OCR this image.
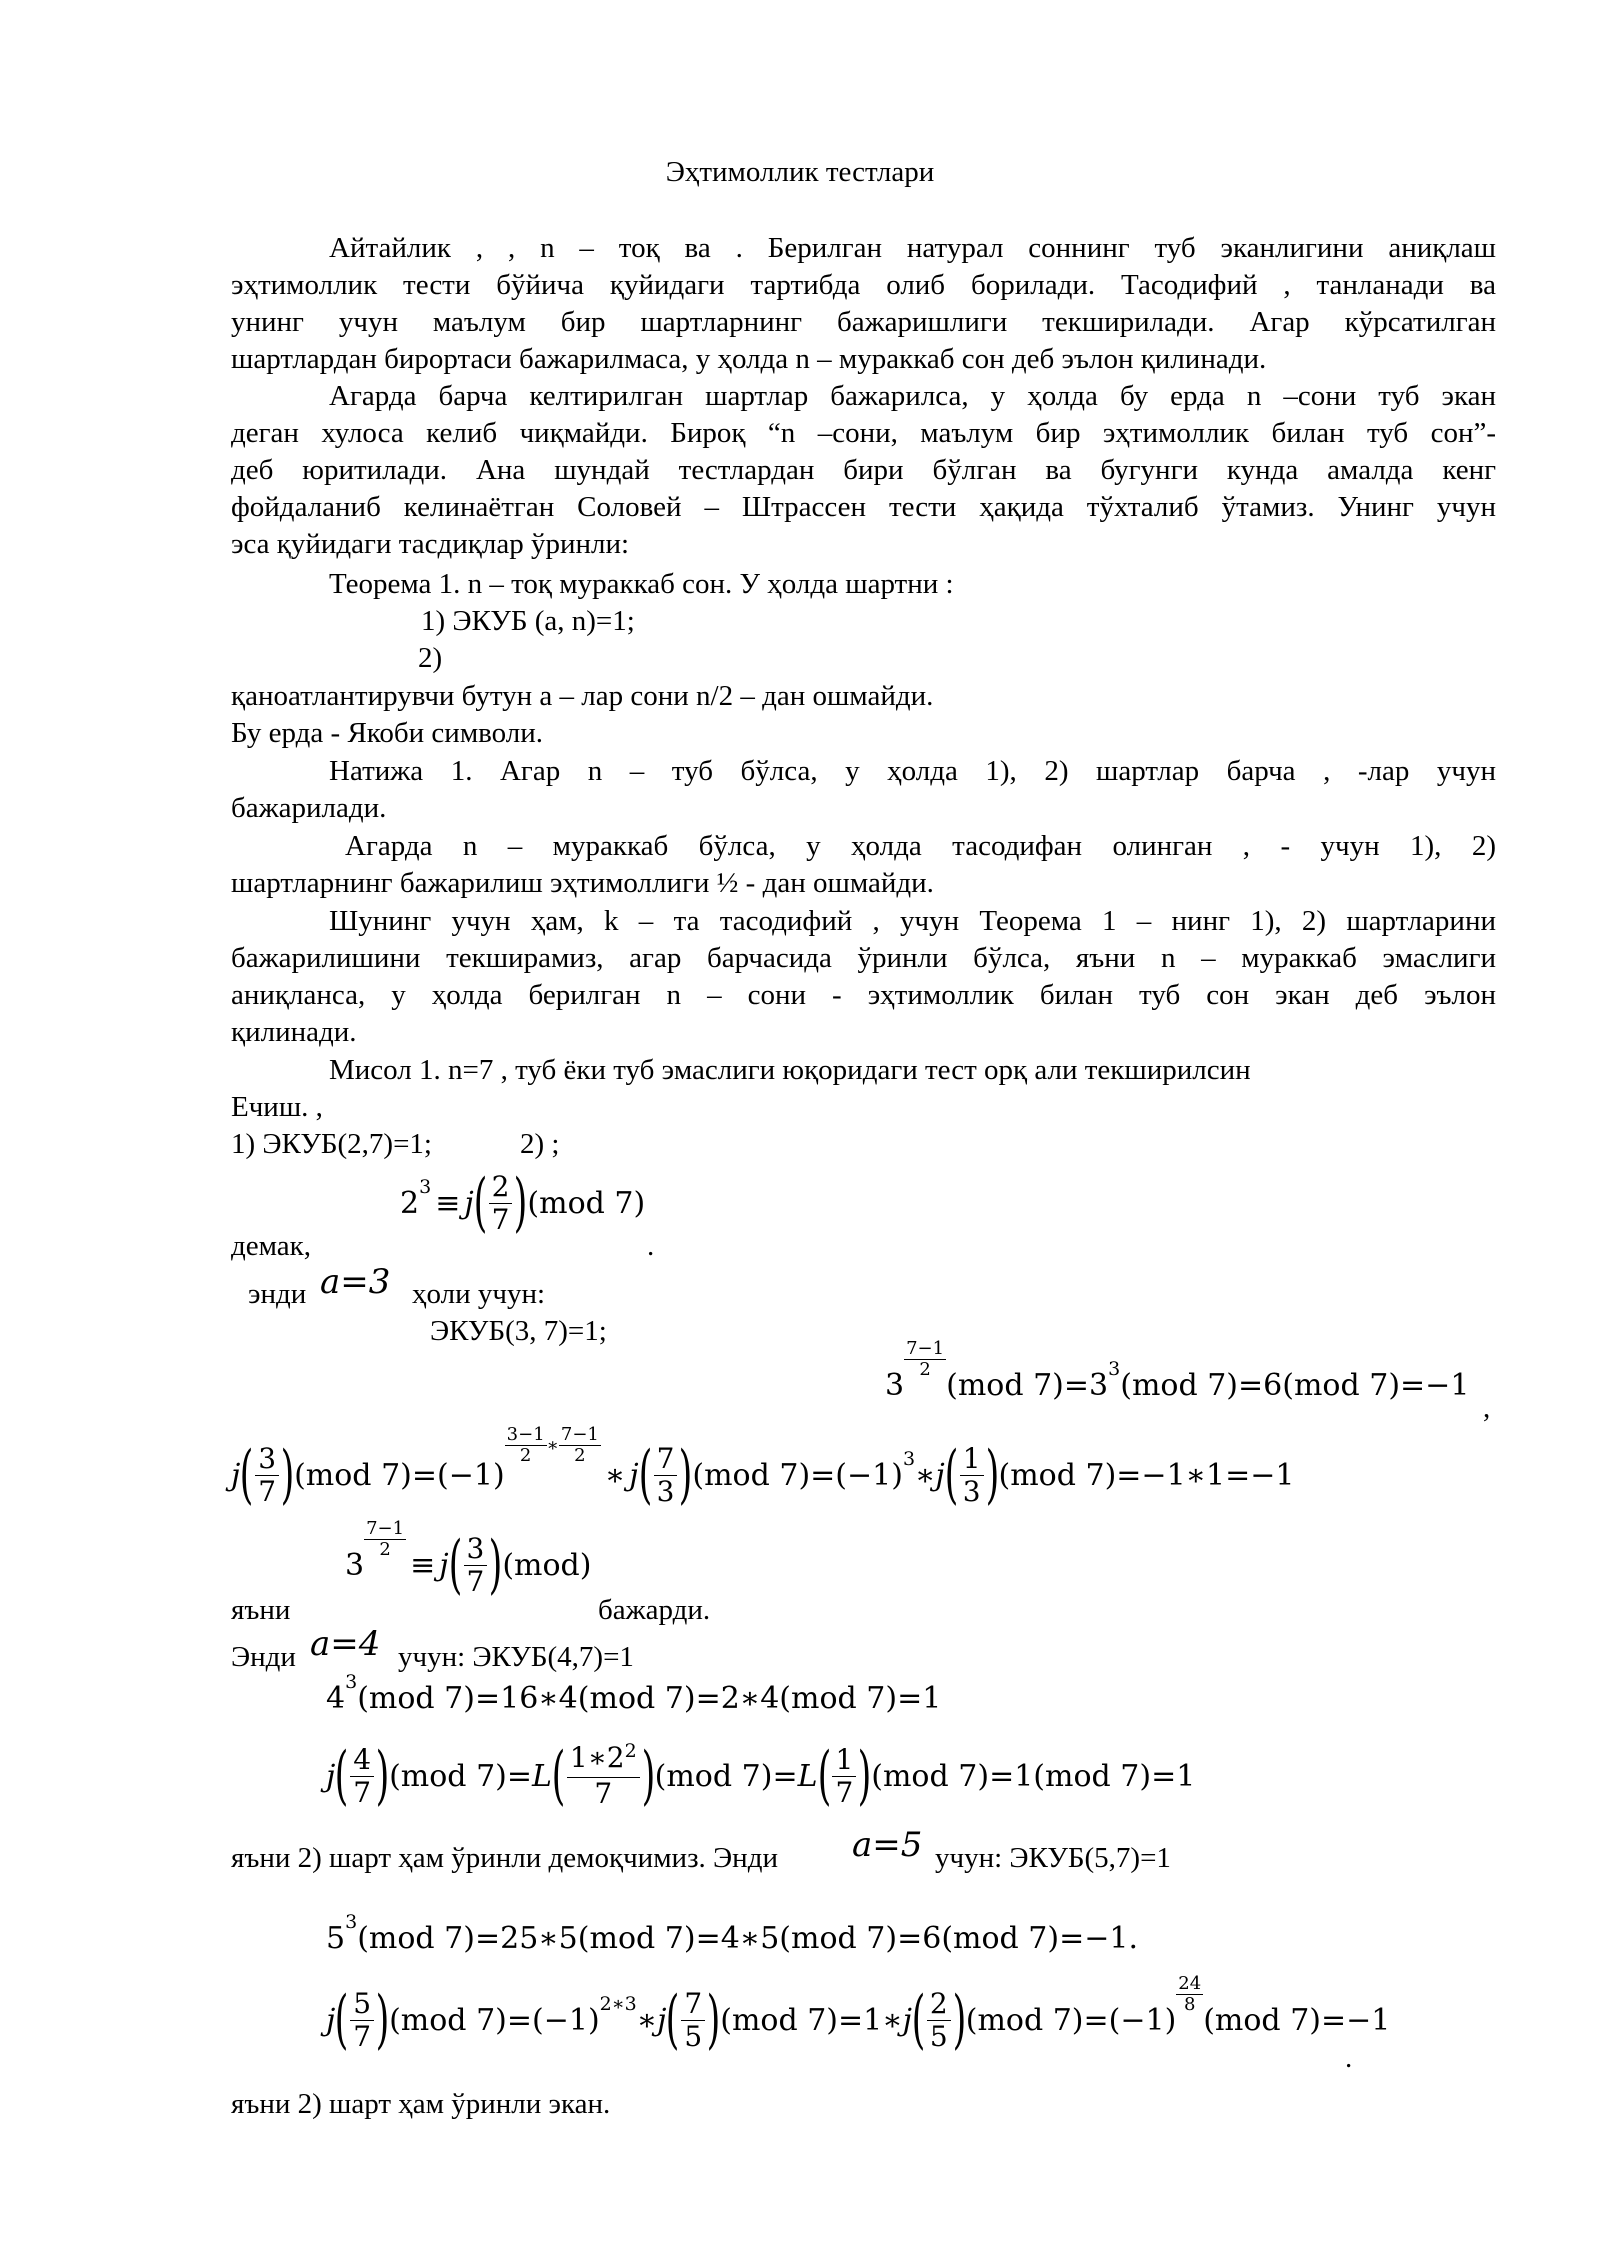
Эҳтимоллик тестлари
Айтайлик , , n – тоқ ва . Берилган натурал соннинг туб эканлигини аниқлаш
эҳтимоллик тести бўйича қуйидаги тартибда олиб борилади. Тасодифий , танланади ва
унинг учун маълум бир шартларнинг бажаришлиги текширилади. Агар кўрсатилган
шартлардан бирортаси бажарилмаса, у ҳолда n – мураккаб сон деб эълон қилинади.
Агарда барча келтирилган шартлар бажарилса, у ҳолда бу ерда n –сони туб экан
деган хулоса келиб чиқмайди. Бироқ “n –сони, маълум бир эҳтимоллик билан туб сон”-
деб юритилади. Ана шундай тестлардан бири бўлган ва бугунги кунда амалда кенг
фойдаланиб келинаётган Соловей – Штрассен тести ҳақида тўхталиб ўтамиз. Унинг учун
эса қуйидаги тасдиқлар ўринли:
Теорема 1. n – тоқ мураккаб сон. У ҳолда шартни :
1) ЭКУБ (a, n)=1;
2)
қаноатлантирувчи бутун a – лар сони n/2 – дан ошмайди.
Бу ерда - Якоби символи.
Натижа 1. Агар n – туб бўлса, у ҳолда 1), 2) шартлар барча , -лар учун
бажарилади.
Агарда n – мураккаб бўлса, у ҳолда тасодифан олинган , - учун 1), 2)
шартларнинг бажарилиш эҳтимоллиги ½ - дан ошмайди.
Шунинг учун ҳам, k – та тасодифий , учун Теорема 1 – нинг 1), 2) шартларини
бажарилишини текширамиз, агар барчасида ўринли бўлса, яъни n – мураккаб эмаслиги
аниқланса, у ҳолда берилган n – сони - эҳтимоллик билан туб сон экан деб эълон
қилинади.
Мисол 1. n=7 , туб ёки туб эмаслиги юқоридаги тест орқ али текширилсин
Ечиш. ,
1) ЭКУБ(2,7)=1;	2) ;
2 3 ≡ j ( $\frac{2}{7}$ ) ( mod
7 )
демак,	.
энди a=3 ҳоли учун:
ЭКУБ(3, 7)=1;
3
$\frac{7-1}{2}$
( mod
7 ) =3 3 ( mod
7 ) =6 ( mod
7 ) =−1
,
j ( $\frac{3}{7}$ ) ( mod
7 ) =(−1)
$\frac{3-1}{2}$ ∗ $\frac{7-1}{2}$
∗ j ( $\frac{7}{3}$ ) ( mod
7 ) =(−1) 3 ∗ j ( $\frac{1}{3}$ ) ( mod
7 ) =−1∗1=−1
3
$\frac{7-1}{2}$
≡ j ( $\frac{3}{7}$ ) ( mod )
яъни	бажарди.
Энди a=4 учун: ЭКУБ(4,7)=1
4 3 ( mod
7 ) =16∗4 ( mod
7 ) =2∗4 ( mod
7 ) =1
j ( $\frac{4}{7}$ ) ( mod
7 ) = L ( $\frac{1∗2^2}{7}$ ) ( mod
7 ) = L ( $\frac{1}{7}$ ) ( mod
7 ) =1 ( mod
7 ) =1
яъни 2) шарт ҳам ўринли демоқчимиз. Энди a=5 учун: ЭКУБ(5,7)=1
5 3 ( mod
7 ) =25∗5 ( mod
7 ) =4∗5 ( mod
7 ) =6 ( mod
7 ) =−1 .
j ( $\frac{5}{7}$ ) ( mod
7 ) =(−1) 2∗3 ∗ j ( $\frac{7}{5}$ ) ( mod
7 ) =1∗ j ( $\frac{2}{5}$ ) ( mod
7 ) =(−1)
$\frac{24}{8}$
( mod
7 ) =−1
.
яъни 2) шарт ҳам ўринли экан.
